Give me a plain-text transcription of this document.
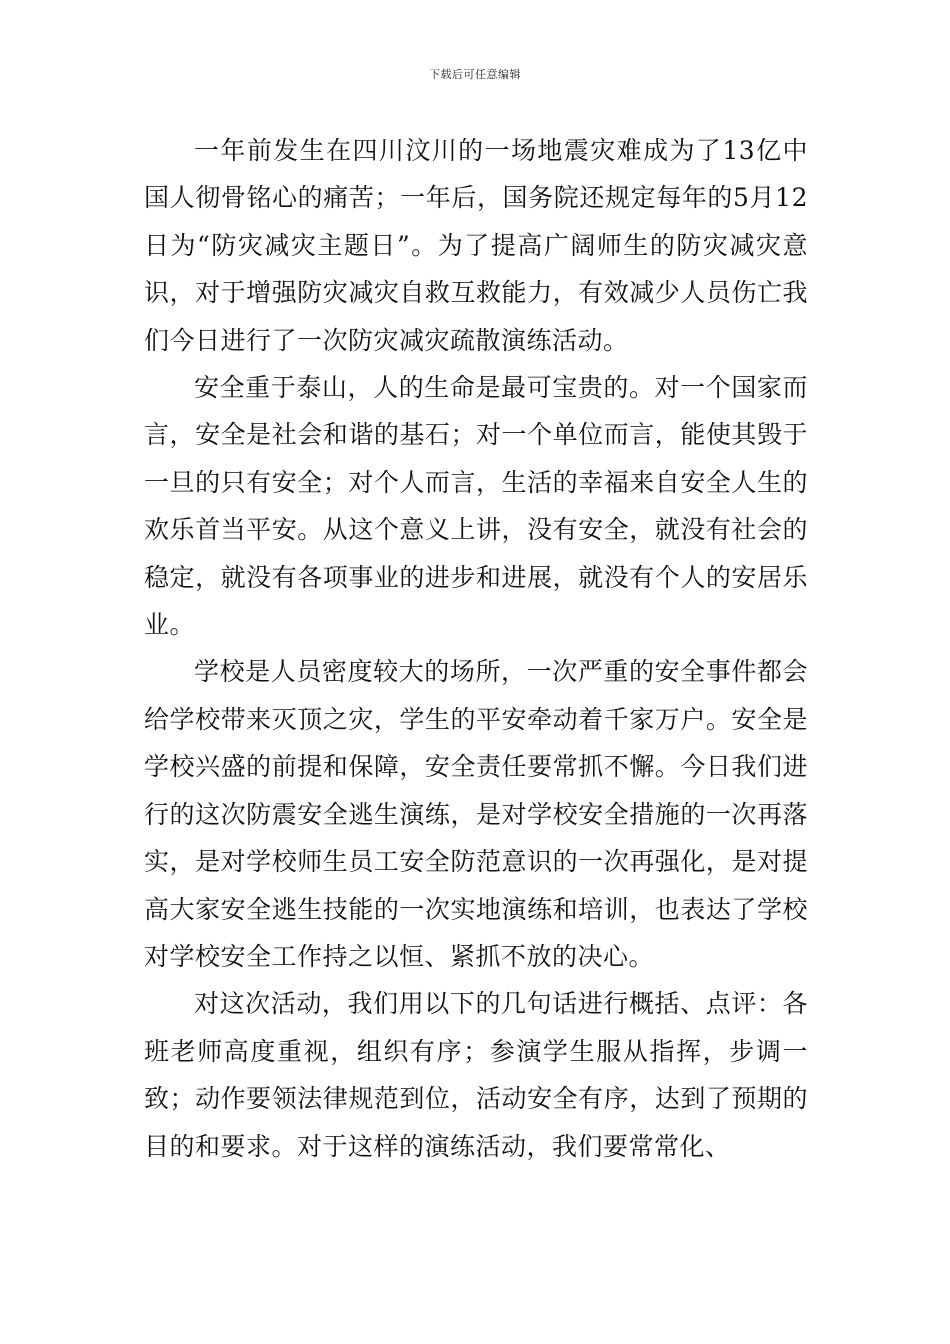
下载后可任意编辑

一年前发生在四川汶川的一场地震灾难成为了13亿中国人彻骨铭心的痛苦；一年后，国务院还规定每年的5月12日为“防灾减灾主题日”。为了提高广阔师生的防灾减灾意识，对于增强防灾减灾自救互救能力，有效减少人员伤亡我们今日进行了一次防灾减灾疏散演练活动。

安全重于泰山，人的生命是最可宝贵的。对一个国家而言，安全是社会和谐的基石；对一个单位而言，能使其毁于一旦的只有安全；对个人而言，生活的幸福来自安全人生的欢乐首当平安。从这个意义上讲，没有安全，就没有社会的稳定，就没有各项事业的进步和进展，就没有个人的安居乐业。

学校是人员密度较大的场所，一次严重的安全事件都会给学校带来灭顶之灾，学生的平安牵动着千家万户。安全是学校兴盛的前提和保障，安全责任要常抓不懈。今日我们进行的这次防震安全逃生演练，是对学校安全措施的一次再落实，是对学校师生员工安全防范意识的一次再强化，是对提高大家安全逃生技能的一次实地演练和培训，也表达了学校对学校安全工作持之以恒、紧抓不放的决心。

对这次活动，我们用以下的几句话进行概括、点评：各班老师高度重视，组织有序；参演学生服从指挥，步调一致；动作要领法律规范到位，活动安全有序，达到了预期的目的和要求。对于这样的演练活动，我们要常常化、
